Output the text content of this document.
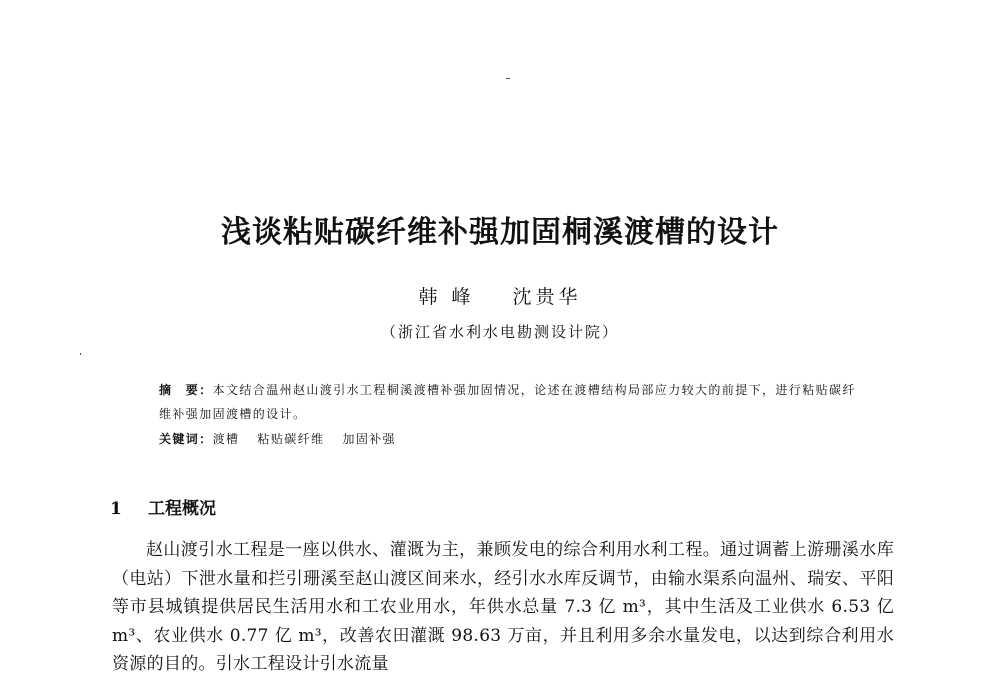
浅谈粘贴碳纤维补强加固桐溪渡槽的设计
韩 峰 沈贵华
（浙江省水利水电勘测设计院）

摘　要：本文结合温州赵山渡引水工程桐溪渡槽补强加固情况，论述在渡槽结构局部应力较大的前提下，进行粘贴碳纤维补强加固渡槽的设计。

关键词：渡槽 粘贴碳纤维 加固补强
1 工程概况

赵山渡引水工程是一座以供水、灌溉为主，兼顾发电的综合利用水利工程。通过调蓄上游珊溪水库（电站）下泄水量和拦引珊溪至赵山渡区间来水，经引水水库反调节，由输水渠系向温州、瑞安、平阳等市县城镇提供居民生活用水和工农业用水，年供水总量 7.3 亿 m³，其中生活及工业供水 6.53 亿 m³、农业供水 0.77 亿 m³，改善农田灌溉 98.63 万亩，并且利用多余水量发电，以达到综合利用水资源的目的。引水工程设计引水流量
